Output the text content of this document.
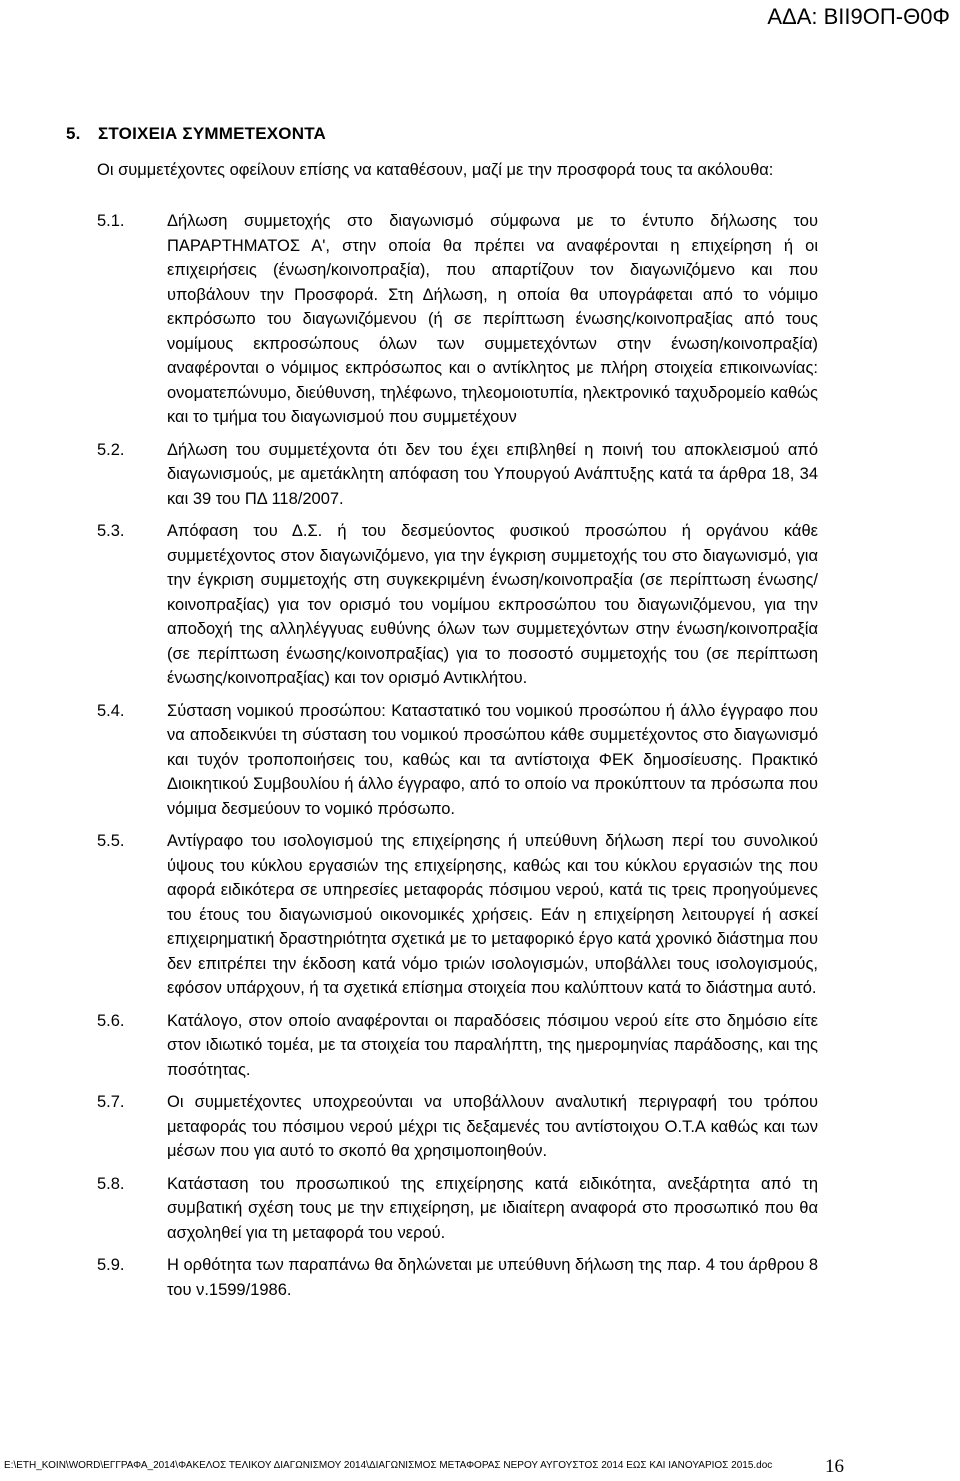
ΑΔΑ: ΒΙΙ9ΟΠ-Θ0Φ
5. ΣΤΟΙΧΕΙΑ ΣΥΜΜΕΤΕΧΟΝΤΑ
Οι συμμετέχοντες οφείλουν επίσης να καταθέσουν, μαζί με την προσφορά τους τα ακόλουθα:
5.1.	Δήλωση συμμετοχής στο διαγωνισμό σύμφωνα με το έντυπο δήλωσης του ΠΑΡΑΡΤΗΜΑΤΟΣ Α', στην οποία θα πρέπει να αναφέρονται η επιχείρηση ή οι επιχειρήσεις (ένωση/κοινοπραξία), που απαρτίζουν τον διαγωνιζόμενο και που υποβάλουν την Προσφορά. Στη Δήλωση, η οποία θα υπογράφεται από το νόμιμο εκπρόσωπο του διαγωνιζόμενου (ή σε περίπτωση ένωσης/κοινοπραξίας από τους νομίμους εκπροσώπους όλων των συμμετεχόντων στην ένωση/κοινοπραξία) αναφέρονται ο νόμιμος εκπρόσωπος και ο αντίκλητος με πλήρη στοιχεία επικοινωνίας: ονοματεπώνυμο, διεύθυνση, τηλέφωνο, τηλεομοιοτυπία, ηλεκτρονικό ταχυδρομείο καθώς και το τμήμα του διαγωνισμού που συμμετέχουν
5.2.	Δήλωση του συμμετέχοντα ότι δεν του έχει επιβληθεί η ποινή του αποκλεισμού από διαγωνισμούς, με αμετάκλητη απόφαση του Υπουργού Ανάπτυξης κατά τα άρθρα 18, 34 και 39 του ΠΔ 118/2007.
5.3.	Απόφαση του Δ.Σ. ή του δεσμεύοντος φυσικού προσώπου ή οργάνου κάθε συμμετέχοντος στον διαγωνιζόμενο, για την έγκριση συμμετοχής του στο διαγωνισμό, για την έγκριση συμμετοχής στη συγκεκριμένη ένωση/κοινοπραξία (σε περίπτωση ένωσης/κοινοπραξίας) για τον ορισμό του νομίμου εκπροσώπου του διαγωνιζόμενου, για την αποδοχή της αλληλέγγυας ευθύνης όλων των συμμετεχόντων στην ένωση/κοινοπραξία (σε περίπτωση ένωσης/κοινοπραξίας) για το ποσοστό συμμετοχής του (σε περίπτωση ένωσης/κοινοπραξίας) και τον ορισμό Αντικλήτου.
5.4.	Σύσταση νομικού προσώπου: Καταστατικό του νομικού προσώπου ή άλλο έγγραφο που να αποδεικνύει τη σύσταση του νομικού προσώπου κάθε συμμετέχοντος στο διαγωνισμό και τυχόν τροποποιήσεις του, καθώς και τα αντίστοιχα ΦΕΚ δημοσίευσης. Πρακτικό Διοικητικού Συμβουλίου ή άλλο έγγραφο, από το οποίο να προκύπτουν τα πρόσωπα που νόμιμα δεσμεύουν το νομικό πρόσωπο.
5.5.	Αντίγραφο του ισολογισμού της επιχείρησης ή υπεύθυνη δήλωση περί του συνολικού ύψους του κύκλου εργασιών της επιχείρησης, καθώς και του κύκλου εργασιών της που αφορά ειδικότερα σε υπηρεσίες μεταφοράς πόσιμου νερού, κατά τις τρεις προηγούμενες του έτους του διαγωνισμού οικονομικές χρήσεις. Εάν η επιχείρηση λειτουργεί ή ασκεί επιχειρηματική δραστηριότητα σχετικά με το μεταφορικό έργο κατά χρονικό διάστημα που δεν επιτρέπει την έκδοση κατά νόμο τριών ισολογισμών, υποβάλλει τους ισολογισμούς, εφόσον υπάρχουν, ή τα σχετικά επίσημα στοιχεία που καλύπτουν κατά το διάστημα αυτό.
5.6.	Κατάλογο, στον οποίο αναφέρονται οι παραδόσεις πόσιμου νερού είτε στο δημόσιο είτε στον ιδιωτικό τομέα, με τα στοιχεία του παραλήπτη, της ημερομηνίας παράδοσης, και της ποσότητας.
5.7.	Οι συμμετέχοντες υποχρεούνται να υποβάλλουν αναλυτική περιγραφή του τρόπου μεταφοράς του πόσιμου νερού μέχρι τις δεξαμενές του αντίστοιχου Ο.Τ.Α καθώς και των μέσων που για αυτό το σκοπό θα χρησιμοποιηθούν.
5.8.	Κατάσταση του προσωπικού της επιχείρησης κατά ειδικότητα, ανεξάρτητα από τη συμβατική σχέση τους με την επιχείρηση, με ιδιαίτερη αναφορά στο προσωπικό που θα ασχοληθεί για τη μεταφορά του νερού.
5.9.	Η ορθότητα των παραπάνω θα δηλώνεται με υπεύθυνη δήλωση της παρ. 4 του άρθρου 8 του ν.1599/1986.
E:\ΕΤΗ_ΚΟΙΝ\WORD\ΕΓΓΡΑΦΑ_2014\ΦΑΚΕΛΟΣ ΤΕΛΙΚΟΥ ΔΙΑΓΩΝΙΣΜΟΥ 2014\ΔΙΑΓΩΝΙΣΜΟΣ ΜΕΤΑΦΟΡΑΣ ΝΕΡΟΥ ΑΥΓΟΥΣΤΟΣ 2014 ΕΩΣ ΚΑΙ ΙΑΝΟΥΑΡΙΟΣ 2015.doc	16
